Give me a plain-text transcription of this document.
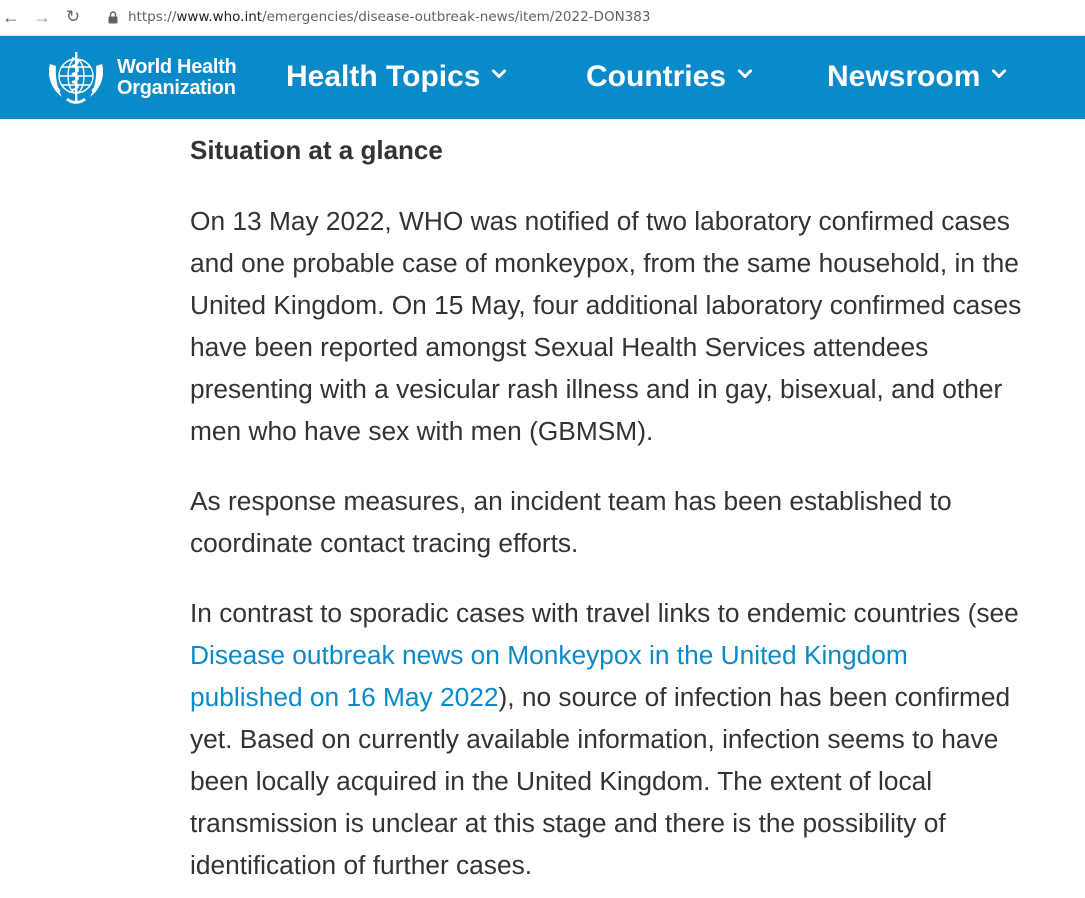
← → ↻	https://www.who.int/emergencies/disease-outbreak-news/item/2022-DON383
World Health
Organization Health Topics	Countries	Newsroom
Situation at a glance

On 13 May 2022, WHO was notified of two laboratory confirmed cases
and one probable case of monkeypox, from the same household, in the
United Kingdom. On 15 May, four additional laboratory confirmed cases
have been reported amongst Sexual Health Services attendees
presenting with a vesicular rash illness and in gay, bisexual, and other
men who have sex with men (GBMSM).

As response measures, an incident team has been established to
coordinate contact tracing efforts.

In contrast to sporadic cases with travel links to endemic countries (see
Disease outbreak news on Monkeypox in the United Kingdom
published on 16 May 2022), no source of infection has been confirmed
yet. Based on currently available information, infection seems to have
been locally acquired in the United Kingdom. The extent of local
transmission is unclear at this stage and there is the possibility of
identification of further cases.
